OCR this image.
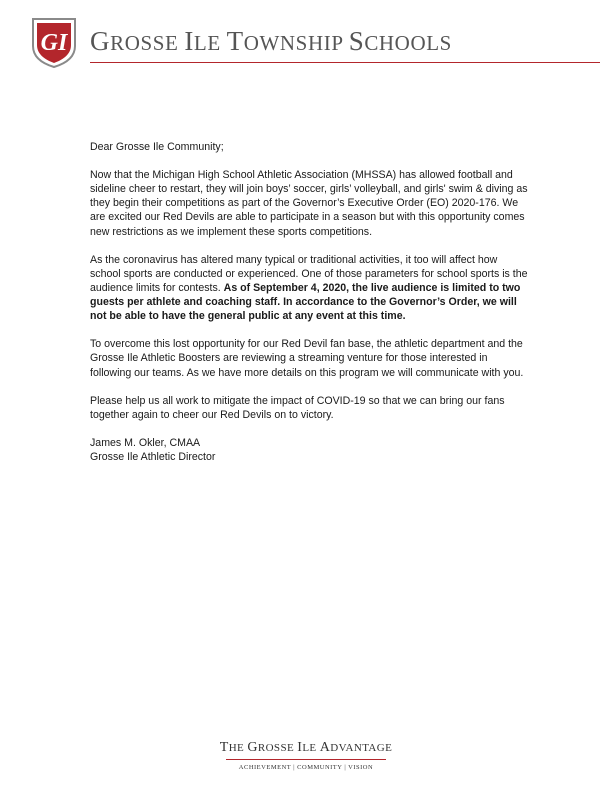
GI GROSSE ILE TOWNSHIP SCHOOLS

Dear Grosse Ile Community;

Now that the Michigan High School Athletic Association (MHSSA) has allowed football and sideline cheer to restart, they will join boys’ soccer, girls’ volleyball, and girls' swim & diving as they begin their competitions as part of the Governor’s Executive Order (EO) 2020-176. We are excited our Red Devils are able to participate in a season but with this opportunity comes new restrictions as we implement these sports competitions.

As the coronavirus has altered many typical or traditional activities, it too will affect how school sports are conducted or experienced. One of those parameters for school sports is the audience limits for contests. As of September 4, 2020, the live audience is limited to two guests per athlete and coaching staff. In accordance to the Governor’s Order, we will not be able to have the general public at any event at this time.

To overcome this lost opportunity for our Red Devil fan base, the athletic department and the Grosse Ile Athletic Boosters are reviewing a streaming venture for those interested in following our teams. As we have more details on this program we will communicate with you.

Please help us all work to mitigate the impact of COVID-19 so that we can bring our fans together again to cheer our Red Devils on to victory.

James M. Okler, CMAA

Grosse Ile Athletic Director

THE GROSSE ILE ADVANTAGE
ACHIEVEMENT | COMMUNITY | VISION
